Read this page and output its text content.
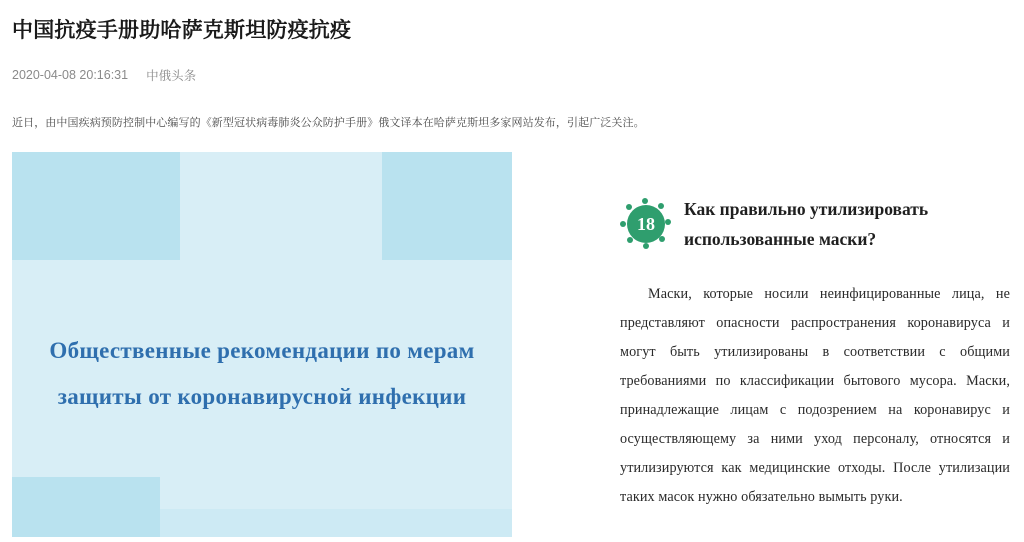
中国抗疫手册助哈萨克斯坦防疫抗疫
2020-04-08 20:16:31 中俄头条

近日，由中国疾病预防控制中心编写的《新型冠状病毒肺炎公众防护手册》俄文译本在哈萨克斯坦多家网站发布，引起广泛关注。

Общественные рекомендации по мерам
защиты от коронавирусной инфекции
18
Как правильно утилизировать
использованные маски?
Маски, которые носили неинфицированные лица, не представляют опасности распространения коронавируса и могут быть утилизированы в соответствии с общими требованиями по классификации бытового мусора. Маски, принадлежащие лицам с подозрением на коронавирус и осуществляющему за ними уход персоналу, относятся и утилизируются как медицинские отходы. После утилизации таких масок нужно обязательно вымыть руки.
